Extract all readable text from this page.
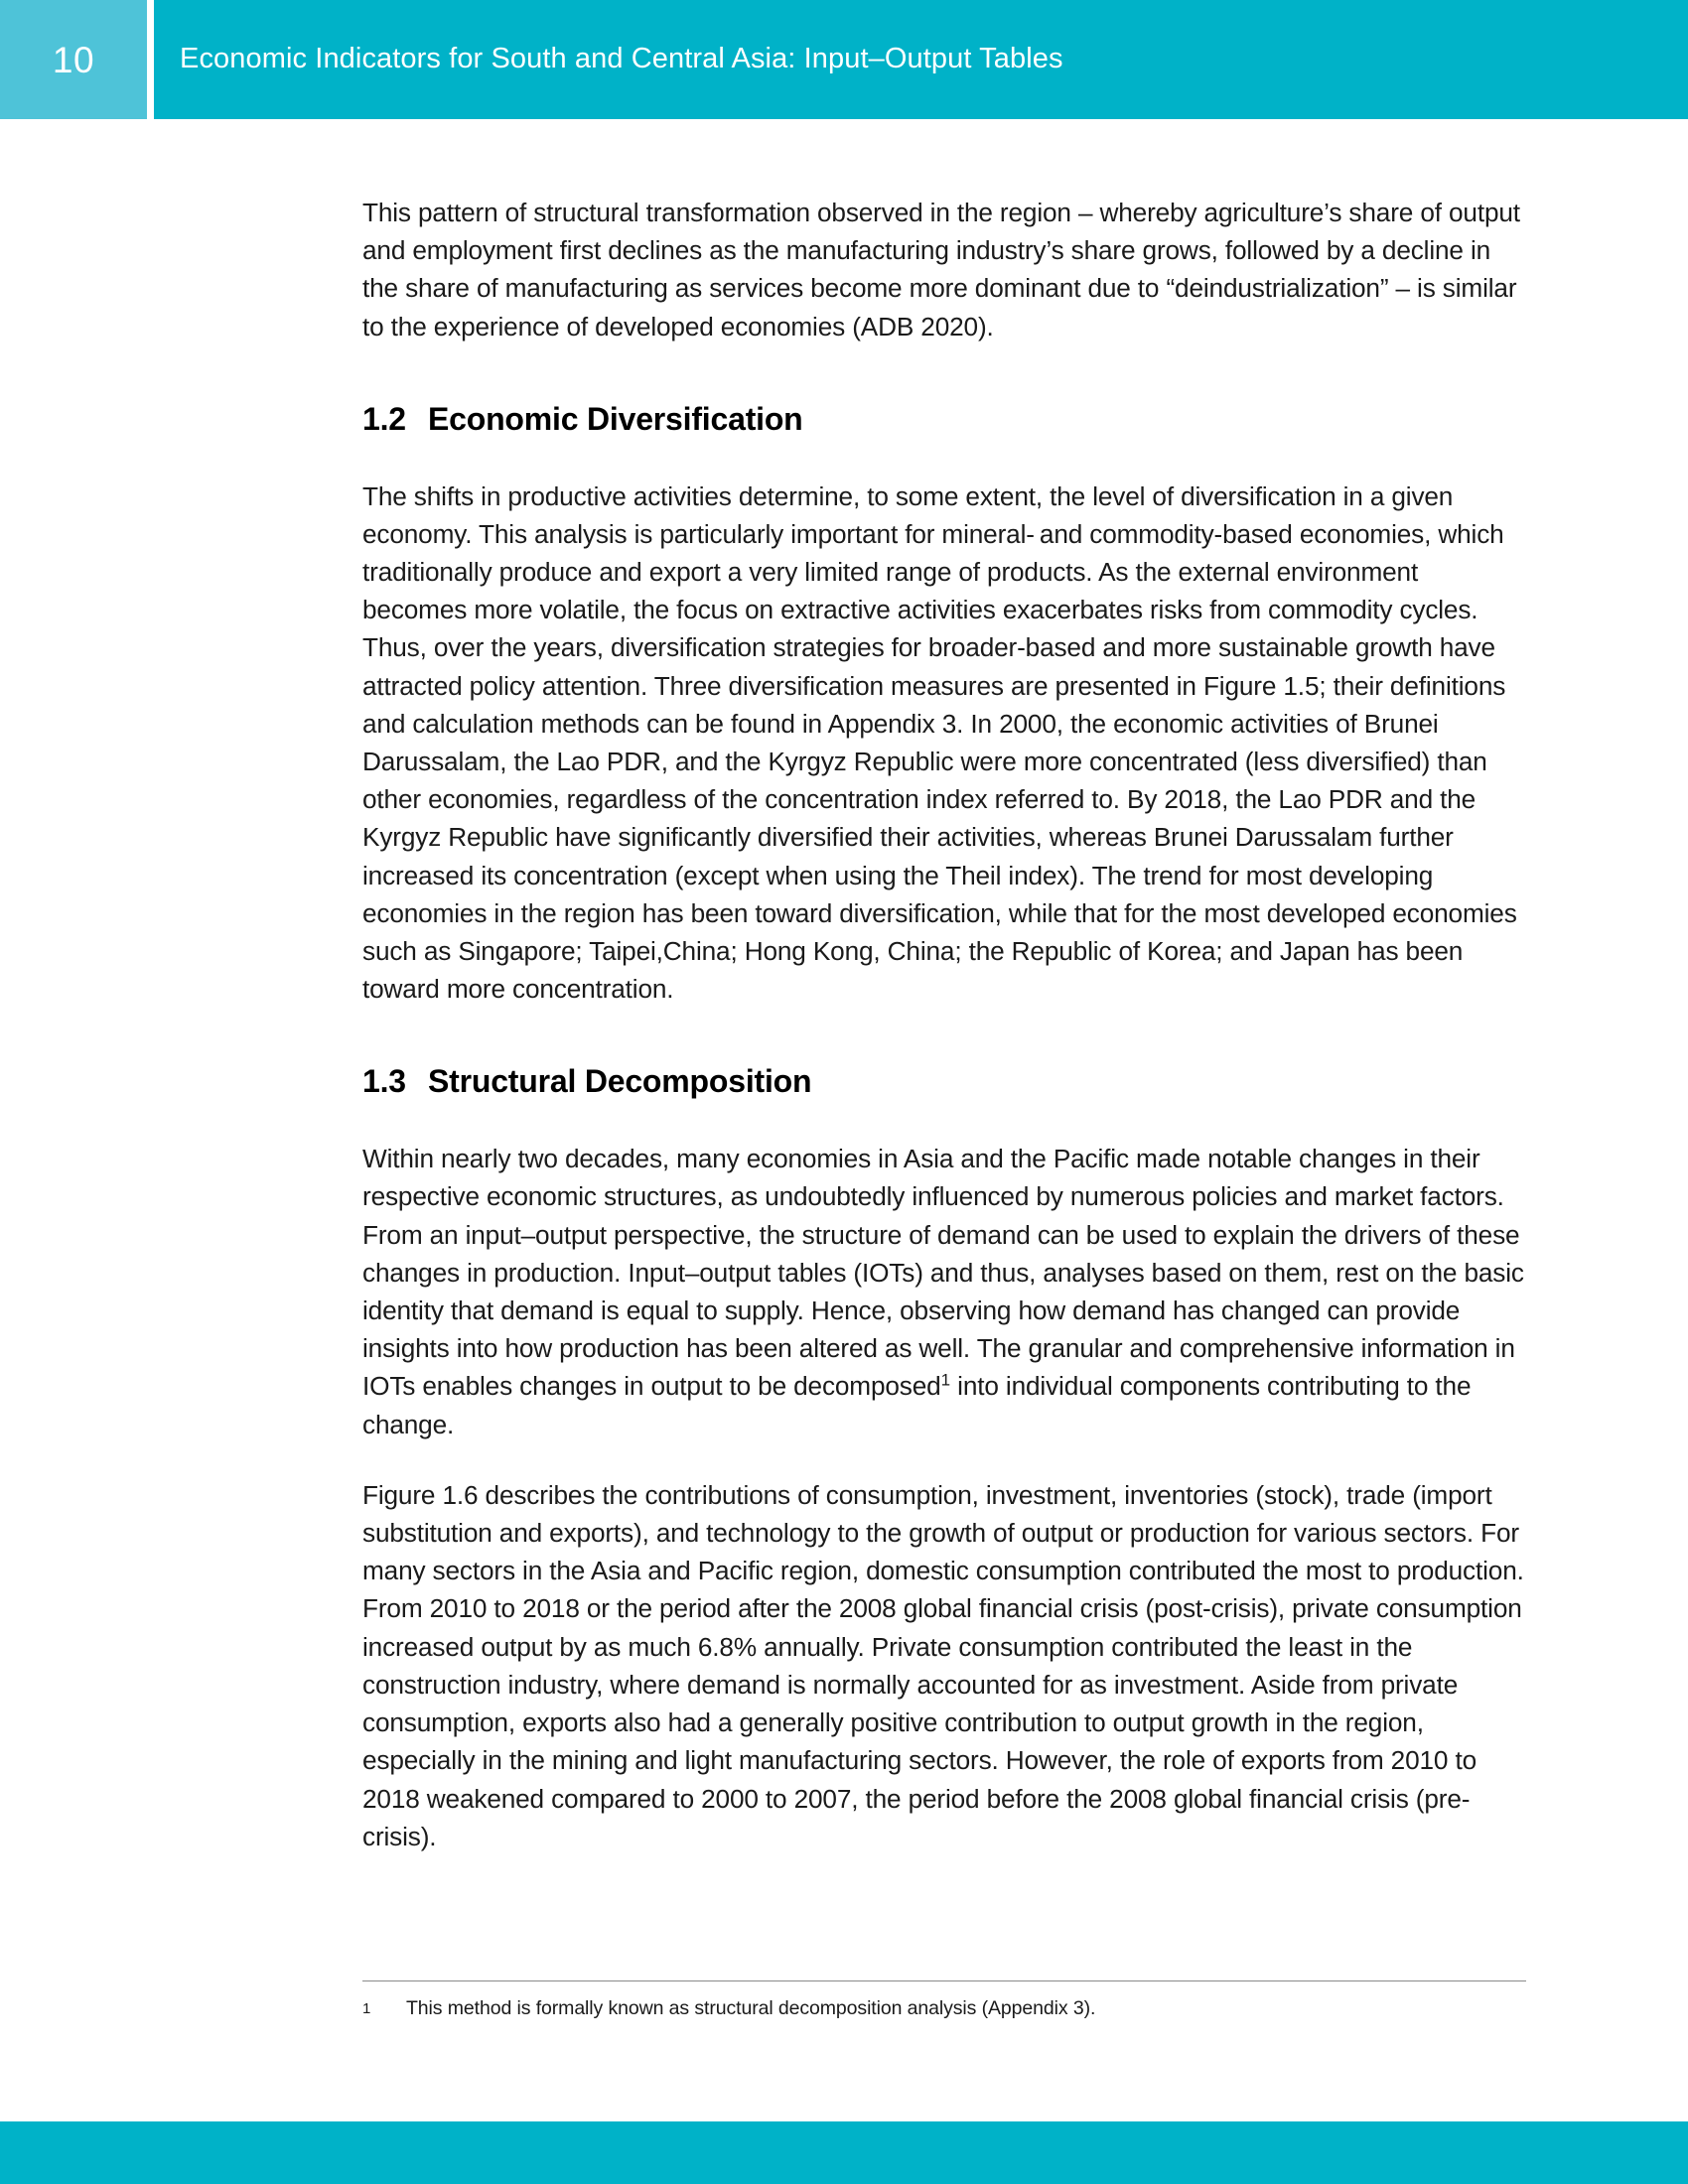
10	Economic Indicators for South and Central Asia: Input–Output Tables

This pattern of structural transformation observed in the region – whereby agriculture’s share of output and employment first declines as the manufacturing industry’s share grows, followed by a decline in the share of manufacturing as services become more dominant due to “deindustrialization” – is similar to the experience of developed economies (ADB 2020).

1.2 Economic Diversification

The shifts in productive activities determine, to some extent, the level of diversification in a given economy. This analysis is particularly important for mineral- and commodity-based economies, which traditionally produce and export a very limited range of products. As the external environment becomes more volatile, the focus on extractive activities exacerbates risks from commodity cycles. Thus, over the years, diversification strategies for broader-based and more sustainable growth have attracted policy attention. Three diversification measures are presented in Figure 1.5; their definitions and calculation methods can be found in Appendix 3. In 2000, the economic activities of Brunei Darussalam, the Lao PDR, and the Kyrgyz Republic were more concentrated (less diversified) than other economies, regardless of the concentration index referred to. By 2018, the Lao PDR and the Kyrgyz Republic have significantly diversified their activities, whereas Brunei Darussalam further increased its concentration (except when using the Theil index). The trend for most developing economies in the region has been toward diversification, while that for the most developed economies such as Singapore; Taipei,China; Hong Kong, China; the Republic of Korea; and Japan has been toward more concentration.

1.3 Structural Decomposition

Within nearly two decades, many economies in Asia and the Pacific made notable changes in their respective economic structures, as undoubtedly influenced by numerous policies and market factors. From an input–output perspective, the structure of demand can be used to explain the drivers of these changes in production. Input–output tables (IOTs) and thus, analyses based on them, rest on the basic identity that demand is equal to supply. Hence, observing how demand has changed can provide insights into how production has been altered as well. The granular and comprehensive information in IOTs enables changes in output to be decomposed$^1$ into individual components contributing to the change.

Figure 1.6 describes the contributions of consumption, investment, inventories (stock), trade (import substitution and exports), and technology to the growth of output or production for various sectors. For many sectors in the Asia and Pacific region, domestic consumption contributed the most to production. From 2010 to 2018 or the period after the 2008 global financial crisis (post-crisis), private consumption increased output by as much 6.8% annually. Private consumption contributed the least in the construction industry, where demand is normally accounted for as investment. Aside from private consumption, exports also had a generally positive contribution to output growth in the region, especially in the mining and light manufacturing sectors. However, the role of exports from 2010 to 2018 weakened compared to 2000 to 2007, the period before the 2008 global financial crisis (pre-crisis).

1	This method is formally known as structural decomposition analysis (Appendix 3).
